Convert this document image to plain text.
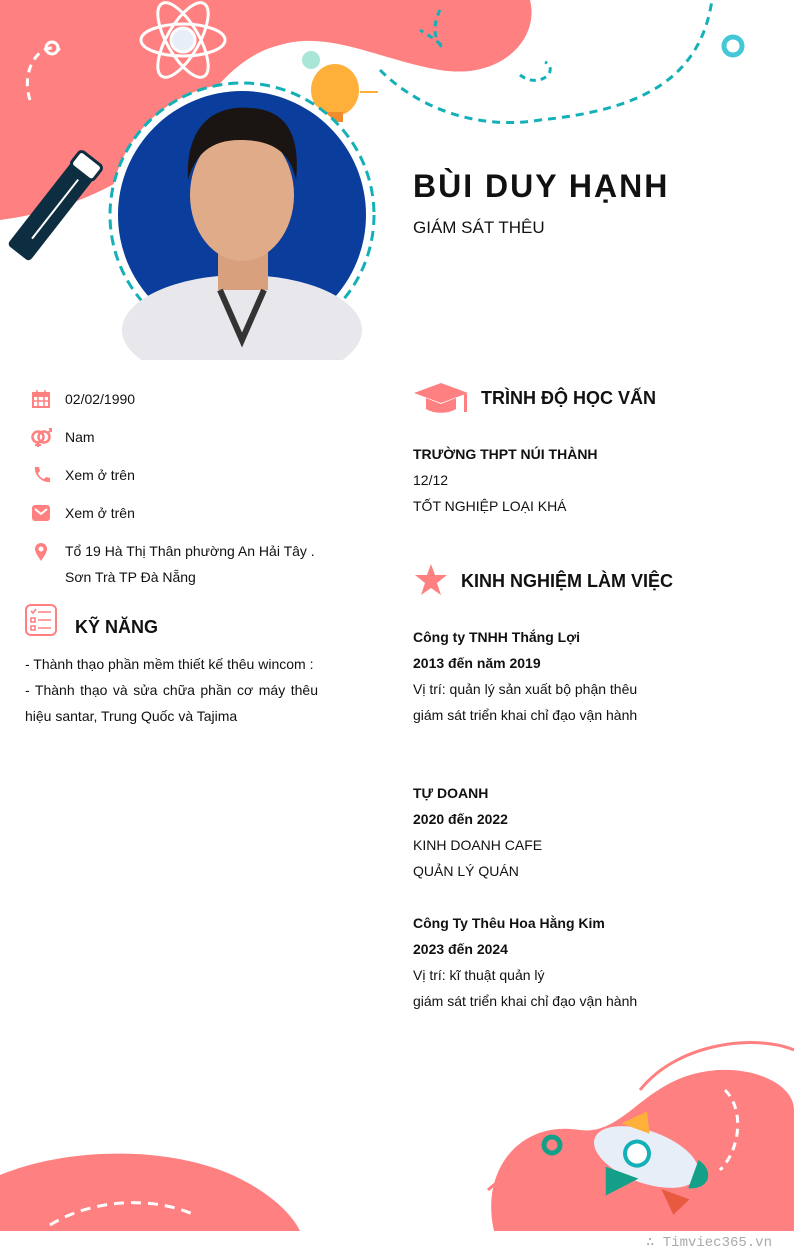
BÙI DUY HẠNH
GIÁM SÁT THÊU
02/02/1990
Nam
Xem ở trên
Xem ở trên
Tổ 19 Hà Thị Thân phường An Hải Tây .
Sơn Trà TP Đà Nẵng
KỸ NĂNG
- Thành thạo phần mềm thiết kế thêu wincom :
- Thành thạo và sửa chữa phần cơ máy thêu hiệu santar, Trung Quốc và Tajima
TRÌNH ĐỘ HỌC VẤN
TRƯỜNG THPT NÚI THÀNH
12/12
TỐT NGHIỆP LOẠI KHÁ
KINH NGHIỆM LÀM VIỆC
Công ty TNHH Thắng Lợi
2013 đến năm 2019
Vị trí: quản lý sản xuất bộ phận thêu
giám sát triển khai chỉ đạo vận hành
TỰ DOANH
2020 đến 2022
KINH DOANH CAFE
QUẢN LÝ QUÁN
Công Ty Thêu Hoa Hằng Kim
2023 đến 2024
Vị trí: kĩ thuật quản lý
giám sát triển khai chỉ đạo vận hành
∴ Timviec365.vn
